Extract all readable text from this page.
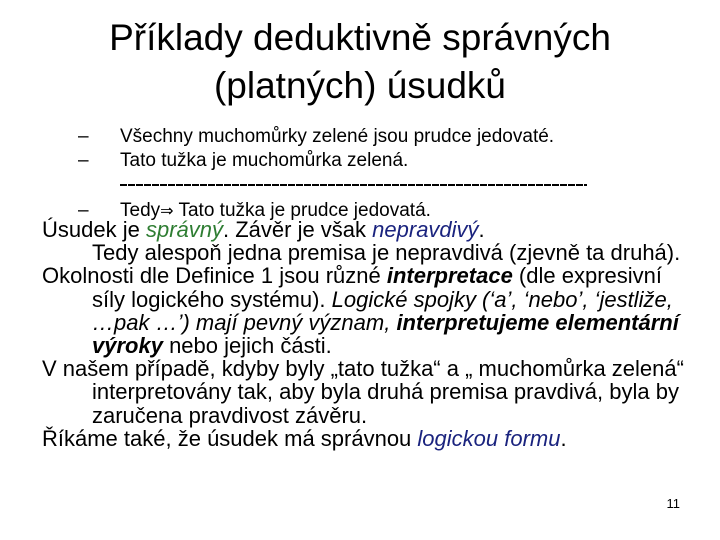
Příklady deduktivně správných
(platných) úsudků
– Všechny muchomůrky zelené jsou prudce jedovaté.
– Tato tužka je muchomůrka zelená.
– Tedy⇒ Tato tužka je prudce jedovatá.

Úsudek je správný. Závěr je však nepravdivý.
Tedy alespoň jedna premisa je nepravdivá (zjevně ta druhá).

Okolnosti dle Definice 1 jsou různé interpretace (dle expresivní síly logického systému). Logické spojky (‘a’, ‘nebo’, ‘jestliže, …pak …’) mají pevný význam, interpretujeme elementární výroky nebo jejich části.

V našem případě, kdyby byly „tato tužka“ a „ muchomůrka zelená“ interpretovány tak, aby byla druhá premisa pravdivá, byla by zaručena pravdivost závěru.

Říkáme také, že úsudek má správnou logickou formu.

11
